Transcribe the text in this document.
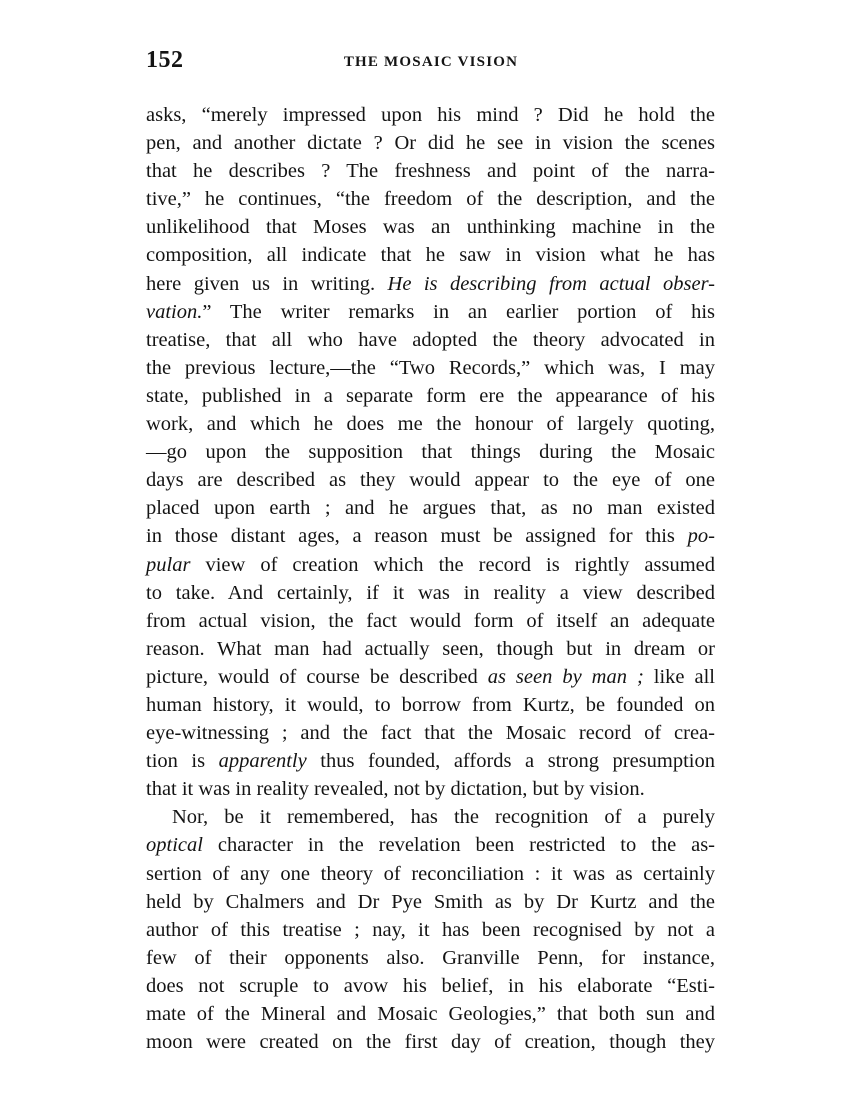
152	THE MOSAIC VISION
asks, “merely impressed upon his mind ? Did he hold the
pen, and another dictate ? Or did he see in vision the scenes
that he describes ? The freshness and point of the narra-
tive,” he continues, “the freedom of the description, and the
unlikelihood that Moses was an unthinking machine in the
composition, all indicate that he saw in vision what he has
here given us in writing. He is describing from actual obser-
vation.” The writer remarks in an earlier portion of his
treatise, that all who have adopted the theory advocated in
the previous lecture,—the “Two Records,” which was, I may
state, published in a separate form ere the appearance of his
work, and which he does me the honour of largely quoting,
—go upon the supposition that things during the Mosaic
days are described as they would appear to the eye of one
placed upon earth ; and he argues that, as no man existed
in those distant ages, a reason must be assigned for this po-
pular view of creation which the record is rightly assumed
to take. And certainly, if it was in reality a view described
from actual vision, the fact would form of itself an adequate
reason. What man had actually seen, though but in dream or
picture, would of course be described as seen by man ; like all
human history, it would, to borrow from Kurtz, be founded on
eye-witnessing ; and the fact that the Mosaic record of crea-
tion is apparently thus founded, affords a strong presumption
that it was in reality revealed, not by dictation, but by vision.
Nor, be it remembered, has the recognition of a purely
optical character in the revelation been restricted to the as-
sertion of any one theory of reconciliation : it was as certainly
held by Chalmers and Dr Pye Smith as by Dr Kurtz and the
author of this treatise ; nay, it has been recognised by not a
few of their opponents also. Granville Penn, for instance,
does not scruple to avow his belief, in his elaborate “Esti-
mate of the Mineral and Mosaic Geologies,” that both sun and
moon were created on the first day of creation, though they
